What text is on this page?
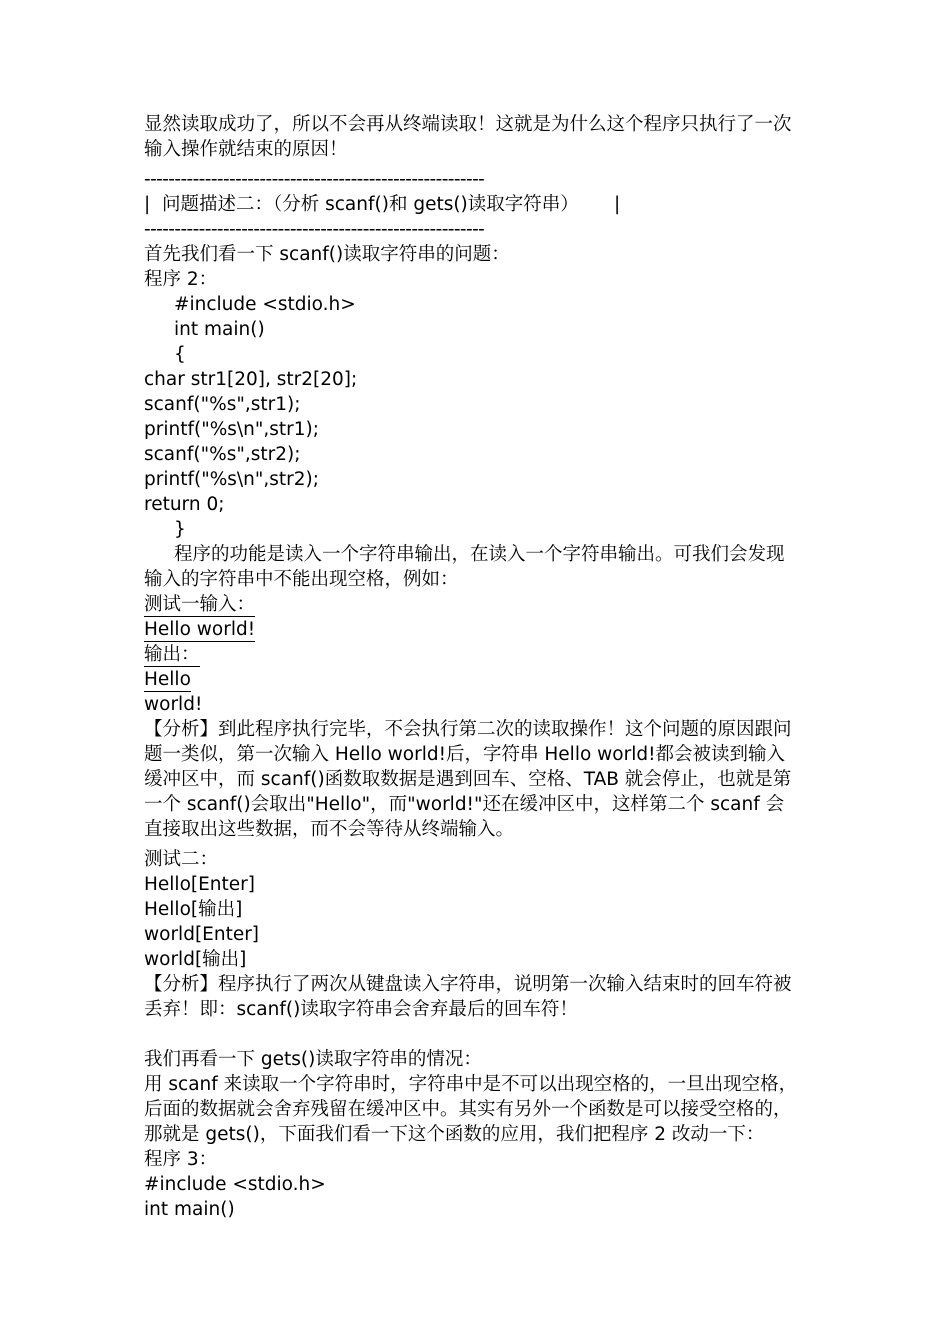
显然读取成功了，所以不会再从终端读取！这就是为什么这个程序只执行了一次
输入操作就结束的原因！
--------------------------------------------------------
|  问题描述二：（分析 scanf()和 gets()读取字符串）      |
--------------------------------------------------------
首先我们看一下 scanf()读取字符串的问题：
程序 2：
#include <stdio.h>
int main()
{
char str1[20], str2[20];
scanf("%s",str1);
printf("%s\n",str1);
scanf("%s",str2);
printf("%s\n",str2);
return 0;
}
程序的功能是读入一个字符串输出，在读入一个字符串输出。可我们会发现
输入的字符串中不能出现空格，例如：
测试一输入：
Hello world!
输出：
Hello
world!
【分析】到此程序执行完毕，不会执行第二次的读取操作！这个问题的原因跟问
题一类似，第一次输入 Hello world!后，字符串 Hello world!都会被读到输入
缓冲区中，而 scanf()函数取数据是遇到回车、空格、TAB 就会停止，也就是第
一个 scanf()会取出"Hello"，而"world!"还在缓冲区中，这样第二个 scanf 会
直接取出这些数据，而不会等待从终端输入。
测试二：
Hello[Enter]
Hello[输出]
world[Enter]
world[输出]
【分析】程序执行了两次从键盘读入字符串，说明第一次输入结束时的回车符被
丢弃！即：scanf()读取字符串会舍弃最后的回车符！
我们再看一下 gets()读取字符串的情况：
用 scanf 来读取一个字符串时，字符串中是不可以出现空格的，一旦出现空格，
后面的数据就会舍弃残留在缓冲区中。其实有另外一个函数是可以接受空格的，
那就是 gets()，下面我们看一下这个函数的应用，我们把程序 2 改动一下：
程序 3：
#include <stdio.h>
int main()
